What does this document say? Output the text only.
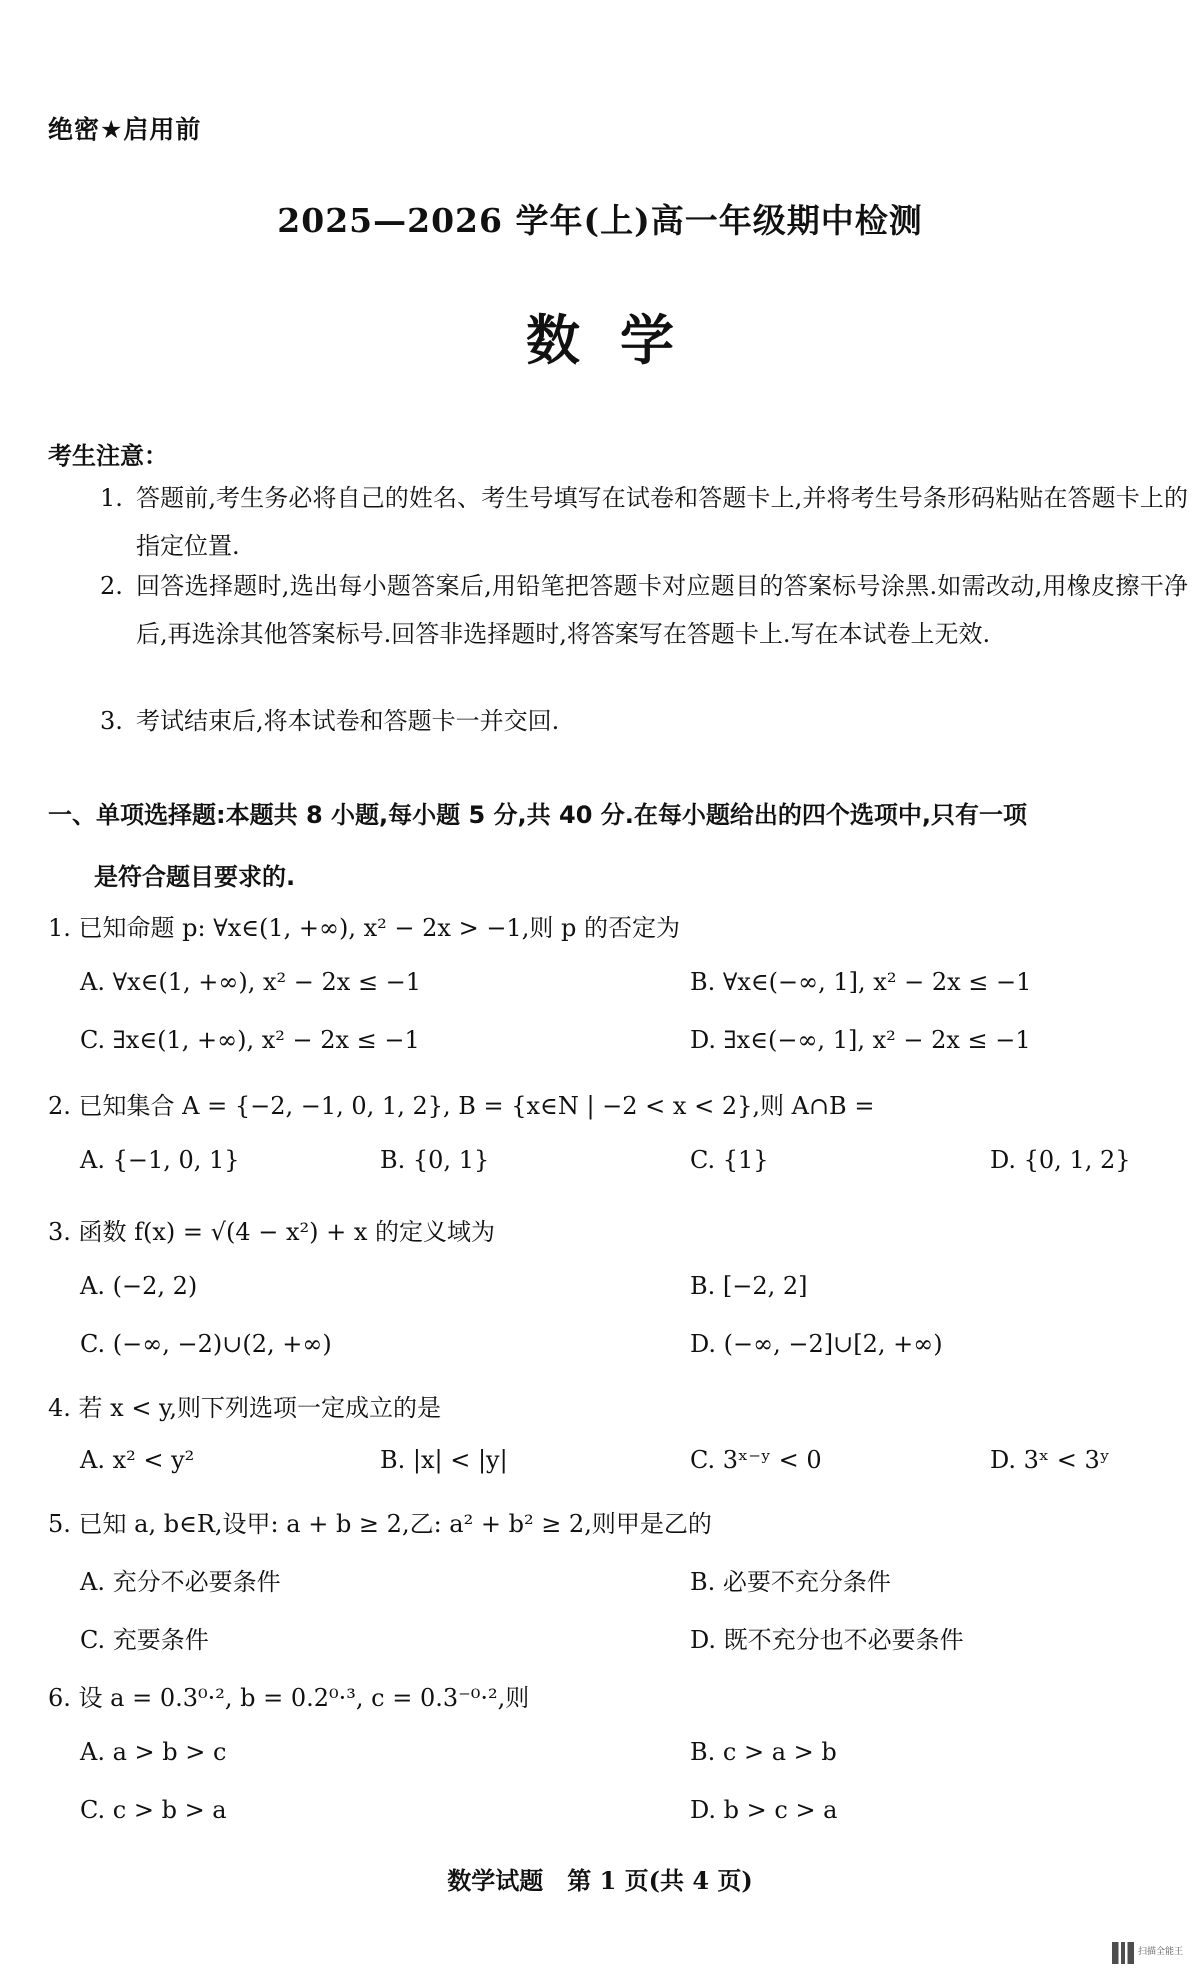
绝密★启用前
2025—2026 学年(上)高一年级期中检测
数学
考生注意：
1. 答题前,考生务必将自己的姓名、考生号填写在试卷和答题卡上,并将考生号条形码粘贴在答题卡上的指定位置.
2. 回答选择题时,选出每小题答案后,用铅笔把答题卡对应题目的答案标号涂黑.如需改动,用橡皮擦干净后,再选涂其他答案标号.回答非选择题时,将答案写在答题卡上.写在本试卷上无效.
3. 考试结束后,将本试卷和答题卡一并交回.
一、单项选择题:本题共 8 小题,每小题 5 分,共 40 分.在每小题给出的四个选项中,只有一项
是符合题目要求的.
1. 已知命题 p: ∀x∈(1, +∞), x² − 2x > −1,则 p 的否定为
A. ∀x∈(1, +∞), x² − 2x ≤ −1	B. ∀x∈(−∞, 1], x² − 2x ≤ −1
C. ∃x∈(1, +∞), x² − 2x ≤ −1	D. ∃x∈(−∞, 1], x² − 2x ≤ −1
2. 已知集合 A = {−2, −1, 0, 1, 2}, B = {x∈N | −2 < x < 2},则 A∩B =
A. {−1, 0, 1}	B. {0, 1}	C. {1}	D. {0, 1, 2}
3. 函数 f(x) = √(4 − x²) + x 的定义域为
A. (−2, 2)	B. [−2, 2]
C. (−∞, −2)∪(2, +∞)	D. (−∞, −2]∪[2, +∞)
4. 若 x < y,则下列选项一定成立的是
A. x² < y²	B. |x| < |y|	C. 3ˣ⁻ʸ < 0	D. 3ˣ < 3ʸ
5. 已知 a, b∈R,设甲: a + b ≥ 2,乙: a² + b² ≥ 2,则甲是乙的
A. 充分不必要条件	B. 必要不充分条件
C. 充要条件	D. 既不充分也不必要条件
6. 设 a = 0.3⁰·², b = 0.2⁰·³, c = 0.3⁻⁰·²,则
A. a > b > c	B. c > a > b
C. c > b > a	D. b > c > a
数学试题　第 1 页(共 4 页)
扫描全能王
